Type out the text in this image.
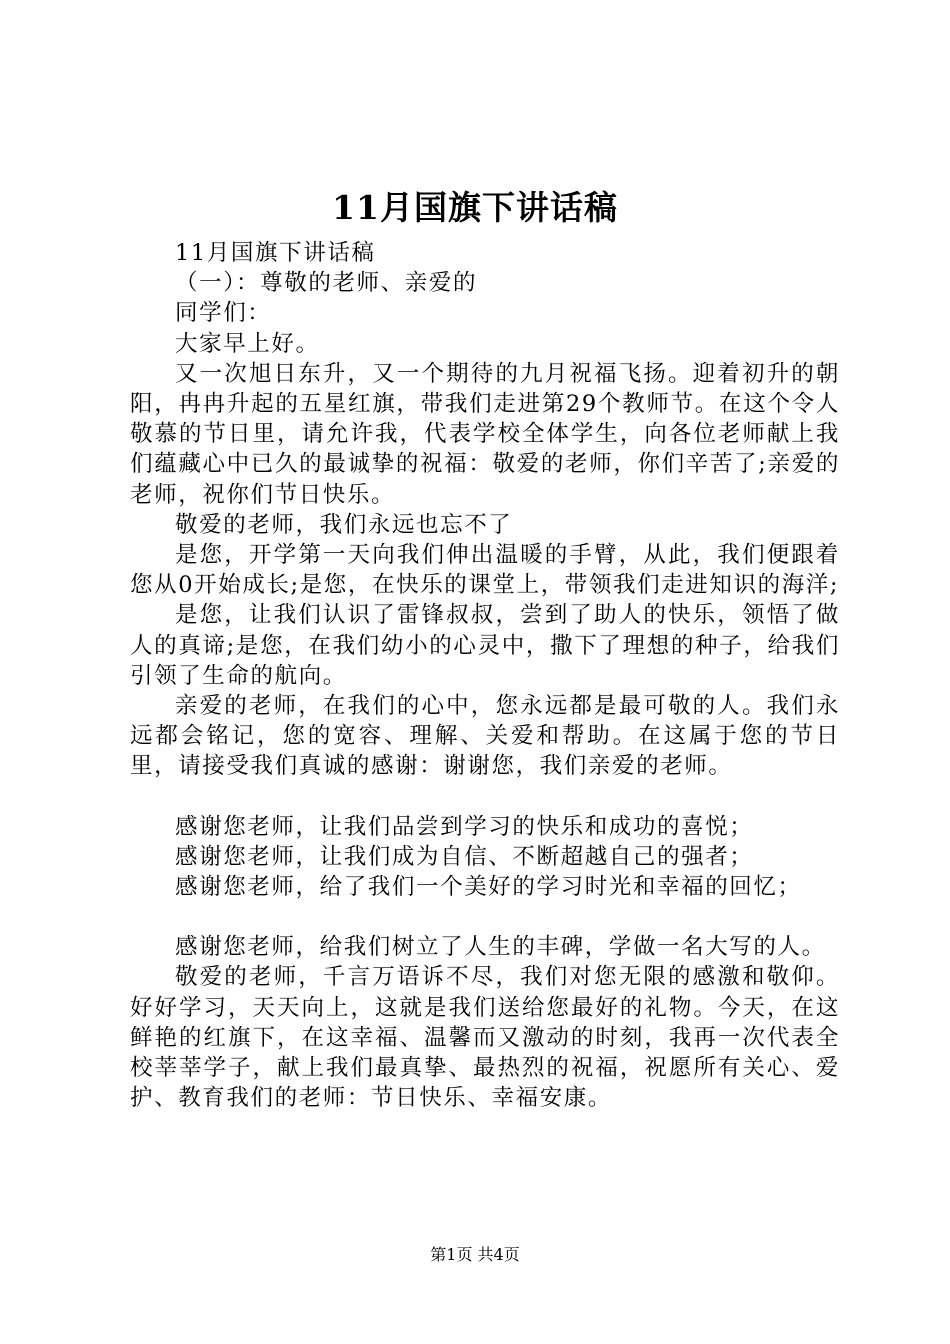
11月国旗下讲话稿

11月国旗下讲话稿

（一）：尊敬的老师、亲爱的

同学们：

大家早上好。

又一次旭日东升，又一个期待的九月祝福飞扬。迎着初升的朝阳，冉冉升起的五星红旗，带我们走进第29个教师节。在这个令人敬慕的节日里，请允许我，代表学校全体学生，向各位老师献上我们蕴藏心中已久的最诚挚的祝福：敬爱的老师，你们辛苦了;亲爱的老师，祝你们节日快乐。

敬爱的老师，我们永远也忘不了

是您，开学第一天向我们伸出温暖的手臂，从此，我们便跟着您从0开始成长;是您，在快乐的课堂上，带领我们走进知识的海洋;

是您，让我们认识了雷锋叔叔，尝到了助人的快乐，领悟了做人的真谛;是您，在我们幼小的心灵中，撒下了理想的种子，给我们引领了生命的航向。

亲爱的老师，在我们的心中，您永远都是最可敬的人。我们永远都会铭记，您的宽容、理解、关爱和帮助。在这属于您的节日里，请接受我们真诚的感谢：谢谢您，我们亲爱的老师。

感谢您老师，让我们品尝到学习的快乐和成功的喜悦；

感谢您老师，让我们成为自信、不断超越自己的强者；

感谢您老师，给了我们一个美好的学习时光和幸福的回忆；

感谢您老师，给我们树立了人生的丰碑，学做一名大写的人。

敬爱的老师，千言万语诉不尽，我们对您无限的感激和敬仰。好好学习，天天向上，这就是我们送给您最好的礼物。今天，在这鲜艳的红旗下，在这幸福、温馨而又激动的时刻，我再一次代表全校莘莘学子，献上我们最真挚、最热烈的祝福，祝愿所有关心、爱护、教育我们的老师：节日快乐、幸福安康。

第1页 共4页
